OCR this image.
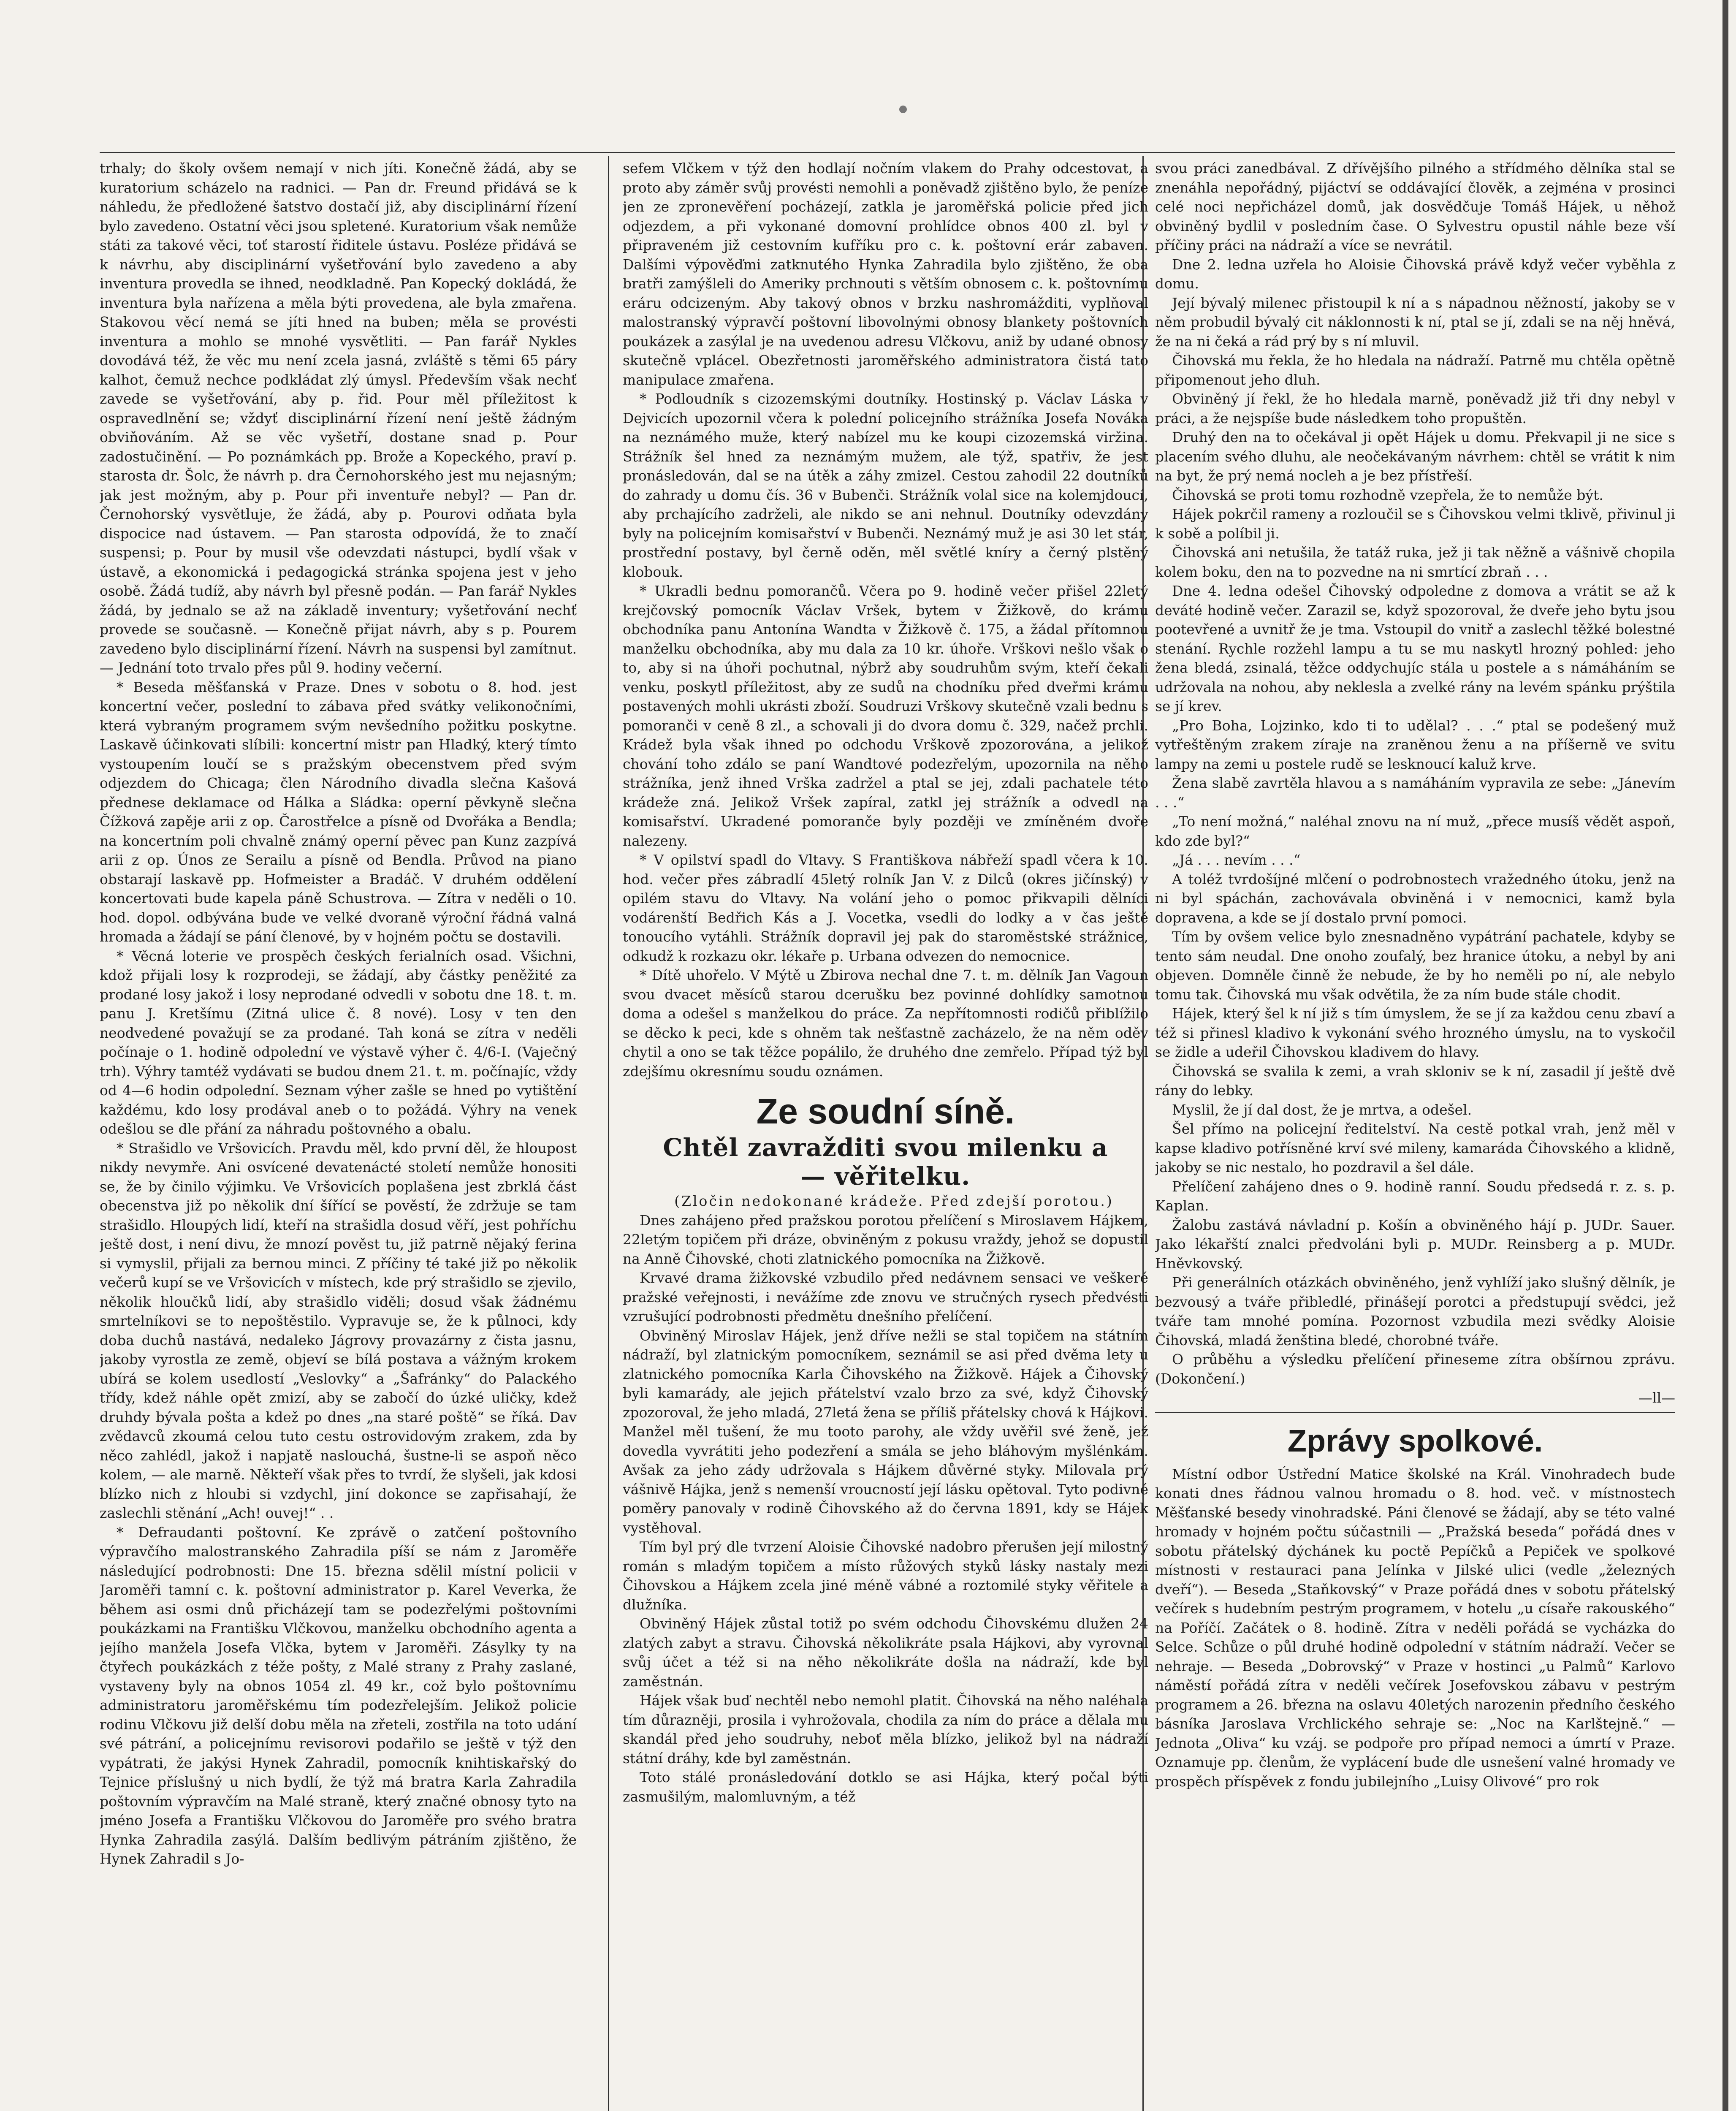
trhaly; do školy ovšem nemají v nich jíti. Konečně žádá, aby se kuratorium scházelo na radnici. — Pan dr. Freund přidává se k náhledu, že předložené šatstvo dostačí již, aby disciplinární řízení bylo zavedeno. Ostatní věci jsou spletené. Kuratorium však nemůže státi za takové věci, toť starostí řiditele ústavu. Posléze přidává se k návrhu, aby disciplinární vyšetřování bylo zavedeno a aby inventura provedla se ihned, neodkladně. Pan Kopecký dokládá, že inventura byla nařízena a měla býti provedena, ale byla zmařena. Stakovou věcí nemá se jíti hned na buben; měla se provésti inventura a mohlo se mnohé vysvětliti. — Pan farář Nykles dovodává též, že věc mu není zcela jasná, zvláště s těmi 65 páry kalhot, čemuž nechce podkládat zlý úmysl. Především však nechť zavede se vyšetřování, aby p. řid. Pour měl příležitost k ospravedlnění se; vždyť disciplinární řízení není ještě žádným obviňováním. Až se věc vyšetří, dostane snad p. Pour zadostučinění. — Po poznámkách pp. Brože a Kopeckého, praví p. starosta dr. Šolc, že návrh p. dra Černohorského jest mu nejasným; jak jest možným, aby p. Pour při inventuře nebyl? — Pan dr. Černohorský vysvětluje, že žádá, aby p. Pourovi odňata byla dispocice nad ústavem. — Pan starosta odpovídá, že to značí suspensi; p. Pour by musil vše odevzdati nástupci, bydlí však v ústavě, a ekonomická i pedagogická stránka spojena jest v jeho osobě. Žádá tudíž, aby návrh byl přesně podán. — Pan farář Nykles žádá, by jednalo se až na základě inventury; vyšetřování nechť provede se současně. — Konečně přijat návrh, aby s p. Pourem zavedeno bylo disciplinární řízení. Návrh na suspensi byl zamítnut. — Jednání toto trvalo přes půl 9. hodiny večerní.

* Beseda měšťanská v Praze. Dnes v sobotu o 8. hod. jest koncertní večer, poslední to zábava před svátky velikonočními, která vybraným programem svým nevšedního požitku poskytne. Laskavě účinkovati slíbili: koncertní mistr pan Hladký, který tímto vystoupením loučí se s pražským obecenstvem před svým odjezdem do Chicaga; člen Národního divadla slečna Kašová přednese deklamace od Hálka a Sládka: operní pěvkyně slečna Čížková zapěje arii z op. Čarostřelce a písně od Dvořáka a Bendla; na koncertním poli chvalně známý operní pěvec pan Kunz zazpívá arii z op. Únos ze Serailu a písně od Bendla. Průvod na piano obstarají laskavě pp. Hofmeister a Bradáč. V druhém oddělení koncertovati bude kapela páně Schustrova. — Zítra v neděli o 10. hod. dopol. odbývána bude ve velké dvoraně výroční řádná valná hromada a žádají se pání členové, by v hojném počtu se dostavili.

* Věcná loterie ve prospěch českých ferialních osad. Všichni, kdož přijali losy k rozprodeji, se žádají, aby částky peněžité za prodané losy jakož i losy neprodané odvedli v sobotu dne 18. t. m. panu J. Kretšímu (Zitná ulice č. 8 nové). Losy v ten den neodvedené považují se za prodané. Tah koná se zítra v neděli počínaje o 1. hodině odpolední ve výstavě výher č. 4/6-I. (Vaječný trh). Výhry tamtéž vydávati se budou dnem 21. t. m. počínajíc, vždy od 4—6 hodin odpolední. Seznam výher zašle se hned po vytištění každému, kdo losy prodával aneb o to požádá. Výhry na venek odešlou se dle přání za náhradu poštovného a obalu.

* Strašidlo ve Vršovicích. Pravdu měl, kdo první děl, že hloupost nikdy nevymře. Ani osvícené devatenácté století nemůže honositi se, že by činilo výjimku. Ve Vršovicích poplašena jest zbrklá část obecenstva již po několik dní šířící se pověstí, že zdržuje se tam strašidlo. Hloupých lidí, kteří na strašidla dosud věří, jest pohříchu ještě dost, i není divu, že mnozí pověst tu, již patrně nějaký ferina si vymyslil, přijali za bernou minci. Z příčiny té také již po několik večerů kupí se ve Vršovicích v místech, kde prý strašidlo se zjevilo, několik hloučků lidí, aby strašidlo viděli; dosud však žádnému smrtelníkovi se to nepoštěstilo. Vypravuje se, že k půlnoci, kdy doba duchů nastává, nedaleko Jágrovy provazárny z čista jasnu, jakoby vyrostla ze země, objeví se bílá postava a vážným krokem ubírá se kolem usedlostí „Veslovky“ a „Šafránky“ do Palackého třídy, kdež náhle opět zmizí, aby se zabočí do úzké uličky, kdež druhdy bývala pošta a kdež po dnes „na staré poště“ se říká. Dav zvědavců zkoumá celou tuto cestu ostrovidovým zrakem, zda by něco zahlédl, jakož i napjatě naslouchá, šustne-li se aspoň něco kolem, — ale marně. Někteří však přes to tvrdí, že slyšeli, jak kdosi blízko nich z hloubi si vzdychl, jiní dokonce se zapřisahají, že zaslechli stěnání „Ach! ouvej!“ . .

* Defraudanti poštovní. Ke zprávě o zatčení poštovního výpravčího malostranského Zahradila píší se nám z Jaroměře následující podrobnosti: Dne 15. března sdělil místní policii v Jaroměři tamní c. k. poštovní administrator p. Karel Veverka, že během asi osmi dnů přicházejí tam se podezřelými poštovními poukázkami na Františku Vlčkovou, manželku obchodního agenta a jejího manžela Josefa Vlčka, bytem v Jaroměři. Zásylky ty na čtyřech poukázkách z téže pošty, z Malé strany z Prahy zaslané, vystaveny byly na obnos 1054 zl. 49 kr., což bylo poštovnímu administratoru jaroměřskému tím podezřelejším. Jelikož policie rodinu Vlčkovu již delší dobu měla na zřeteli, zostřila na toto udání své pátrání, a policejnímu revisorovi podařilo se ještě v týž den vypátrati, že jakýsi Hynek Zahradil, pomocník knihtiskařský do Tejnice příslušný u nich bydlí, že týž má bratra Karla Zahradila poštovním výpravčím na Malé straně, který značné obnosy tyto na jméno Josefa a Františku Vlčkovou do Jaroměře pro svého bratra Hynka Zahradila zasýlá. Dalším bedlivým pátráním zjištěno, že Hynek Zahradil s Jo-

sefem Vlčkem v týž den hodlají nočním vlakem do Prahy odcestovat, a proto aby záměr svůj provésti nemohli a poněvadž zjištěno bylo, že peníze jen ze zpronevěření pocházejí, zatkla je jaroměřská policie před jich odjezdem, a při vykonané domovní prohlídce obnos 400 zl. byl v připraveném již cestovním kufříku pro c. k. poštovní erár zabaven. Dalšími výpověďmi zatknutého Hynka Zahradila bylo zjištěno, že oba bratři zamýšleli do Ameriky prchnouti s větším obnosem c. k. poštovnímu eráru odcizeným. Aby takový obnos v brzku nashromážditi, vyplňoval malostranský výpravčí poštovní libovolnými obnosy blankety poštovních poukázek a zasýlal je na uvedenou adresu Vlčkovu, aniž by udané obnosy skutečně vplácel. Obezřetnosti jaroměřského administratora čistá tato manipulace zmařena.

* Podloudník s cizozemskými doutníky. Hostinský p. Václav Láska v Dejvicích upozornil včera k polední policejního strážníka Josefa Nováka na neznámého muže, který nabízel mu ke koupi cizozemská viržina. Strážník šel hned za neznámým mužem, ale týž, spatřiv, že jest pronásledován, dal se na útěk a záhy zmizel. Cestou zahodil 22 doutníků do zahrady u domu čís. 36 v Bubenči. Strážník volal sice na kolemjdoucí, aby prchajícího zadrželi, ale nikdo se ani nehnul. Doutníky odevzdány byly na policejním komisařství v Bubenči. Neznámý muž je asi 30 let stár, prostřední postavy, byl černě oděn, měl světlé kníry a černý plstěný klobouk.

* Ukradli bednu pomorančů. Včera po 9. hodině večer přišel 22letý krejčovský pomocník Václav Vršek, bytem v Žižkově, do krámu obchodníka panu Antonína Wandta v Žižkově č. 175, a žádal přítomnou manželku obchodníka, aby mu dala za 10 kr. úhoře. Vrškovi nešlo však o to, aby si na úhoři pochutnal, nýbrž aby soudruhům svým, kteří čekali venku, poskytl příležitost, aby ze sudů na chodníku před dveřmi krámu postavených mohli ukrásti zboží. Soudruzi Vrškovy skutečně vzali bednu s pomoranči v ceně 8 zl., a schovali ji do dvora domu č. 329, načež prchli. Krádež byla však ihned po odchodu Vrškově zpozorována, a jelikož chování toho zdálo se paní Wandtové podezřelým, upozornila na něho strážníka, jenž ihned Vrška zadržel a ptal se jej, zdali pachatele této krádeže zná. Jelikož Vršek zapíral, zatkl jej strážník a odvedl na komisařství. Ukradené pomoranče byly později ve zmíněném dvoře nalezeny.

* V opilství spadl do Vltavy. S Františkova nábřeží spadl včera k 10. hod. večer přes zábradlí 45letý rolník Jan V. z Dilců (okres jičínský) v opilém stavu do Vltavy. Na volání jeho o pomoc přikvapili dělníci vodárenští Bedřich Kás a J. Vocetka, vsedli do lodky a v čas ještě tonoucího vytáhli. Strážník dopravil jej pak do staroměstské strážnice, odkudž k rozkazu okr. lékaře p. Urbana odvezen do nemocnice.

* Dítě uhořelo. V Mýtě u Zbirova nechal dne 7. t. m. dělník Jan Vagoun svou dvacet měsíců starou dcerušku bez povinné dohlídky samotnou doma a odešel s manželkou do práce. Za nepřítomnosti rodičů přiblížilo se děcko k peci, kde s ohněm tak nešťastně zacházelo, že na něm oděv chytil a ono se tak těžce popálilo, že druhého dne zemřelo. Případ týž byl zdejšímu okresnímu soudu oznámen.

Ze soudní síně.
Chtěl zavražditi svou milenku a
— věřitelku.

(Zločin nedokonané krádeže. Před zdejší porotou.)

Dnes zahájeno před pražskou porotou přelíčení s Miroslavem Hájkem, 22letým topičem při dráze, obviněným z pokusu vraždy, jehož se dopustil na Anně Čihovské, choti zlatnického pomocníka na Žižkově.

Krvavé drama žižkovské vzbudilo před nedávnem sensaci ve veškeré pražské veřejnosti, i nevážíme zde znovu ve stručných rysech předvésti vzrušující podrobnosti předmětu dnešního přelíčení.

Obviněný Miroslav Hájek, jenž dříve nežli se stal topičem na státním nádraží, byl zlatnickým pomocníkem, seznámil se asi před dvěma lety u zlatnického pomocníka Karla Čihovského na Žižkově. Hájek a Čihovský byli kamarády, ale jejich přátelství vzalo brzo za své, když Čihovský zpozoroval, že jeho mladá, 27letá žena se příliš přátelsky chová k Hájkovi. Manžel měl tušení, že mu tooto parohy, ale vždy uvěřil své ženě, jež dovedla vyvrátiti jeho podezření a smála se jeho bláhovým myšlénkám. Avšak za jeho zády udržovala s Hájkem důvěrné styky. Milovala prý vášnivě Hájka, jenž s nemenší vroucností její lásku opětoval. Tyto podivné poměry panovaly v rodině Čihovského až do června 1891, kdy se Hájek vystěhoval.

Tím byl prý dle tvrzení Aloisie Čihovské nadobro přerušen její milostný román s mladým topičem a místo růžových styků lásky nastaly mezi Čihovskou a Hájkem zcela jiné méně vábné a roztomilé styky věřitele a dlužníka.

Obviněný Hájek zůstal totiž po svém odchodu Čihovskému dlužen 24 zlatých zabyt a stravu. Čihovská několikráte psala Hájkovi, aby vyrovnal svůj účet a též si na něho několikráte došla na nádraží, kde byl zaměstnán.

Hájek však buď nechtěl nebo nemohl platit. Čihovská na něho naléhala tím důrazněji, prosila i vyhrožovala, chodila za ním do práce a dělala mu skandál před jeho soudruhy, neboť měla blízko, jelikož byl na nádraží státní dráhy, kde byl zaměstnán.

Toto stálé pronásledování dotklo se asi Hájka, který počal býti zasmušilým, malomluvným, a též

svou práci zanedbával. Z dřívějšího pilného a střídmého dělníka stal se znenáhla nepořádný, pijáctví se oddávající člověk, a zejména v prosinci celé noci nepřicházel domů, jak dosvědčuje Tomáš Hájek, u něhož obviněný bydlil v posledním čase. O Sylvestru opustil náhle beze vší příčiny práci na nádraží a více se nevrátil.

Dne 2. ledna uzřela ho Aloisie Čihovská právě když večer vyběhla z domu.

Její bývalý milenec přistoupil k ní a s nápadnou něžností, jakoby se v něm probudil bývalý cit náklonnosti k ní, ptal se jí, zdali se na něj hněvá, že na ni čeká a rád prý by s ní mluvil.

Čihovská mu řekla, že ho hledala na nádraží. Patrně mu chtěla opětně připomenout jeho dluh.

Obviněný jí řekl, že ho hledala marně, poněvadž již tři dny nebyl v práci, a že nejspíše bude následkem toho propuštěn.

Druhý den na to očekával ji opět Hájek u domu. Překvapil ji ne sice s placením svého dluhu, ale neočekávaným návrhem: chtěl se vrátit k nim na byt, že prý nemá nocleh a je bez přístřeší.

Čihovská se proti tomu rozhodně vzepřela, že to nemůže být.

Hájek pokrčil rameny a rozloučil se s Čihovskou velmi tklivě, přivinul ji k sobě a políbil ji.

Čihovská ani netušila, že tatáž ruka, jež ji tak něžně a vášnivě chopila kolem boku, den na to pozvedne na ni smrtící zbraň . . .

Dne 4. ledna odešel Čihovský odpoledne z domova a vrátit se až k deváté hodině večer. Zarazil se, když spozoroval, že dveře jeho bytu jsou pootevřené a uvnitř že je tma. Vstoupil do vnitř a zaslechl těžké bolestné stenání. Rychle rozžehl lampu a tu se mu naskytl hrozný pohled: jeho žena bledá, zsinalá, těžce oddychujíc stála u postele a s námáháním se udržovala na nohou, aby neklesla a zvelké rány na levém spánku prýštila se jí krev.

„Pro Boha, Lojzinko, kdo ti to udělal? . . .“ ptal se podešený muž vytřeštěným zrakem zíraje na zraněnou ženu a na příšerně ve svitu lampy na zemi u postele rudě se lesknoucí kaluž krve.

Žena slabě zavrtěla hlavou a s namáháním vypravila ze sebe: „Jánevím . . .“

„To není možná,“ naléhal znovu na ní muž, „přece musíš vědět aspoň, kdo zde byl?“

„Já . . . nevím . . .“

A toléž tvrdošíjné mlčení o podrobnostech vražedného útoku, jenž na ni byl spáchán, zachovávala obviněná i v nemocnici, kamž byla dopravena, a kde se jí dostalo první pomoci.

Tím by ovšem velice bylo znesnadněno vypátrání pachatele, kdyby se tento sám neudal. Dne onoho zoufalý, bez hranice útoku, a nebyl by ani objeven. Domněle činně že nebude, že by ho neměli po ní, ale nebylo tomu tak. Čihovská mu však odvětila, že za ním bude stále chodit.

Hájek, který šel k ní již s tím úmyslem, že se jí za každou cenu zbaví a též si přinesl kladivo k vykonání svého hrozného úmyslu, na to vyskočil se židle a udeřil Čihovskou kladivem do hlavy.

Čihovská se svalila k zemi, a vrah skloniv se k ní, zasadil jí ještě dvě rány do lebky.

Myslil, že jí dal dost, že je mrtva, a odešel.

Šel přímo na policejní ředitelství. Na cestě potkal vrah, jenž měl v kapse kladivo potřísněné krví své mileny, kamaráda Čihovského a klidně, jakoby se nic nestalo, ho pozdravil a šel dále.

Přelíčení zahájeno dnes o 9. hodině ranní. Soudu předsedá r. z. s. p. Kaplan.

Žalobu zastává návladní p. Košín a obviněného hájí p. JUDr. Sauer. Jako lékařští znalci předvoláni byli p. MUDr. Reinsberg a p. MUDr. Hněvkovský.

Při generálních otázkách obviněného, jenž vyhlíží jako slušný dělník, je bezvousý a tváře přibledlé, přinášejí porotci a předstupují svědci, jež tváře tam mnohé pomína. Pozornost vzbudila mezi svědky Aloisie Čihovská, mladá ženština bledé, chorobné tváře.

O průběhu a výsledku přelíčení přineseme zítra obšírnou zprávu. (Dokončení.)

—ll—

Zprávy spolkové.

Místní odbor Ústřední Matice školské na Král. Vinohradech bude konati dnes řádnou valnou hromadu o 8. hod. več. v místnostech Měšťanské besedy vinohradské. Páni členové se žádají, aby se této valné hromady v hojném počtu súčastnili — „Pražská beseda“ pořádá dnes v sobotu přátelský dýchánek ku poctě Pepíčků a Pepiček ve spolkové místnosti v restauraci pana Jelínka v Jilské ulici (vedle „železných dveří“). — Beseda „Staňkovský“ v Praze pořádá dnes v sobotu přátelský večírek s hudebním pestrým programem, v hotelu „u císaře rakouského“ na Poříčí. Začátek o 8. hodině. Zítra v neděli pořádá se vycházka do Selce. Schůze o půl druhé hodině odpolední v státním nádraží. Večer se nehraje. — Beseda „Dobrovský“ v Praze v hostinci „u Palmů“ Karlovo náměstí pořádá zítra v neděli večírek Josefovskou zábavu v pestrým programem a 26. března na oslavu 40letých narozenin předního českého básníka Jaroslava Vrchlického sehraje se: „Noc na Karlštejně.“ — Jednota „Oliva“ ku vzáj. se podpoře pro případ nemoci a úmrtí v Praze. Oznamuje pp. členům, že vyplácení bude dle usnešení valné hromady ve prospěch příspěvek z fondu jubilejního „Luisy Olivové“ pro rok
